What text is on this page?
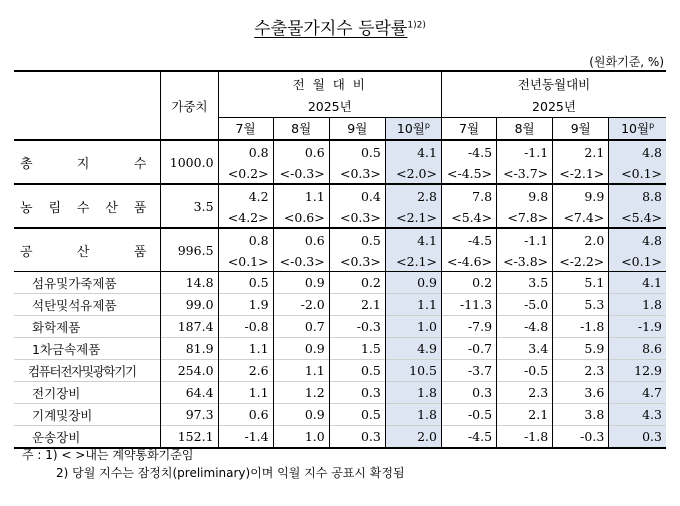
수출물가지수 등락률$^{1)2)}$
(원화기준, %)
	가중치	전 월 대 비				전년동월대비			
		2025년				2025년			
		7월	8월	9월	10월$^p$	7월	8월	9월	10월$^p$
총 지 수	1000.0	0.8	0.6	0.5	4.1	-4.5	-1.1	2.1	4.8
		<0.2>	<-0.3>	<0.3>	<2.0>	<-4.5>	<-3.7>	<-2.1>	<0.1>
농 림 수 산 품	3.5	4.2	1.1	0.4	2.8	7.8	9.8	9.9	8.8
		<4.2>	<0.6>	<0.3>	<2.1>	<5.4>	<7.8>	<7.4>	<5.4>
공 산 품	996.5	0.8	0.6	0.5	4.1	-4.5	-1.1	2.0	4.8
		<0.1>	<-0.3>	<0.3>	<2.1>	<-4.6>	<-3.8>	<-2.2>	<0.1>
섬유및가죽제품	14.8	0.5	0.9	0.2	0.9	0.2	3.5	5.1	4.1
석탄및석유제품	99.0	1.9	-2.0	2.1	1.1	-11.3	-5.0	5.3	1.8
화학제품	187.4	-0.8	0.7	-0.3	1.0	-7.9	-4.8	-1.8	-1.9
1차금속제품	81.9	1.1	0.9	1.5	4.9	-0.7	3.4	5.9	8.6
컴퓨터전자및광학기기	254.0	2.6	1.1	0.5	10.5	-3.7	-0.5	2.3	12.9
전기장비	64.4	1.1	1.2	0.3	1.8	0.3	2.3	3.6	4.7
기계및장비	97.3	0.6	0.9	0.5	1.8	-0.5	2.1	3.8	4.3
운송장비	152.1	-1.4	1.0	0.3	2.0	-4.5	-1.8	-0.3	0.3
주 : 1) < >내는 계약통화기준임
2) 당월 지수는 잠정치(preliminary)이며 익월 지수 공표시 확정됨
